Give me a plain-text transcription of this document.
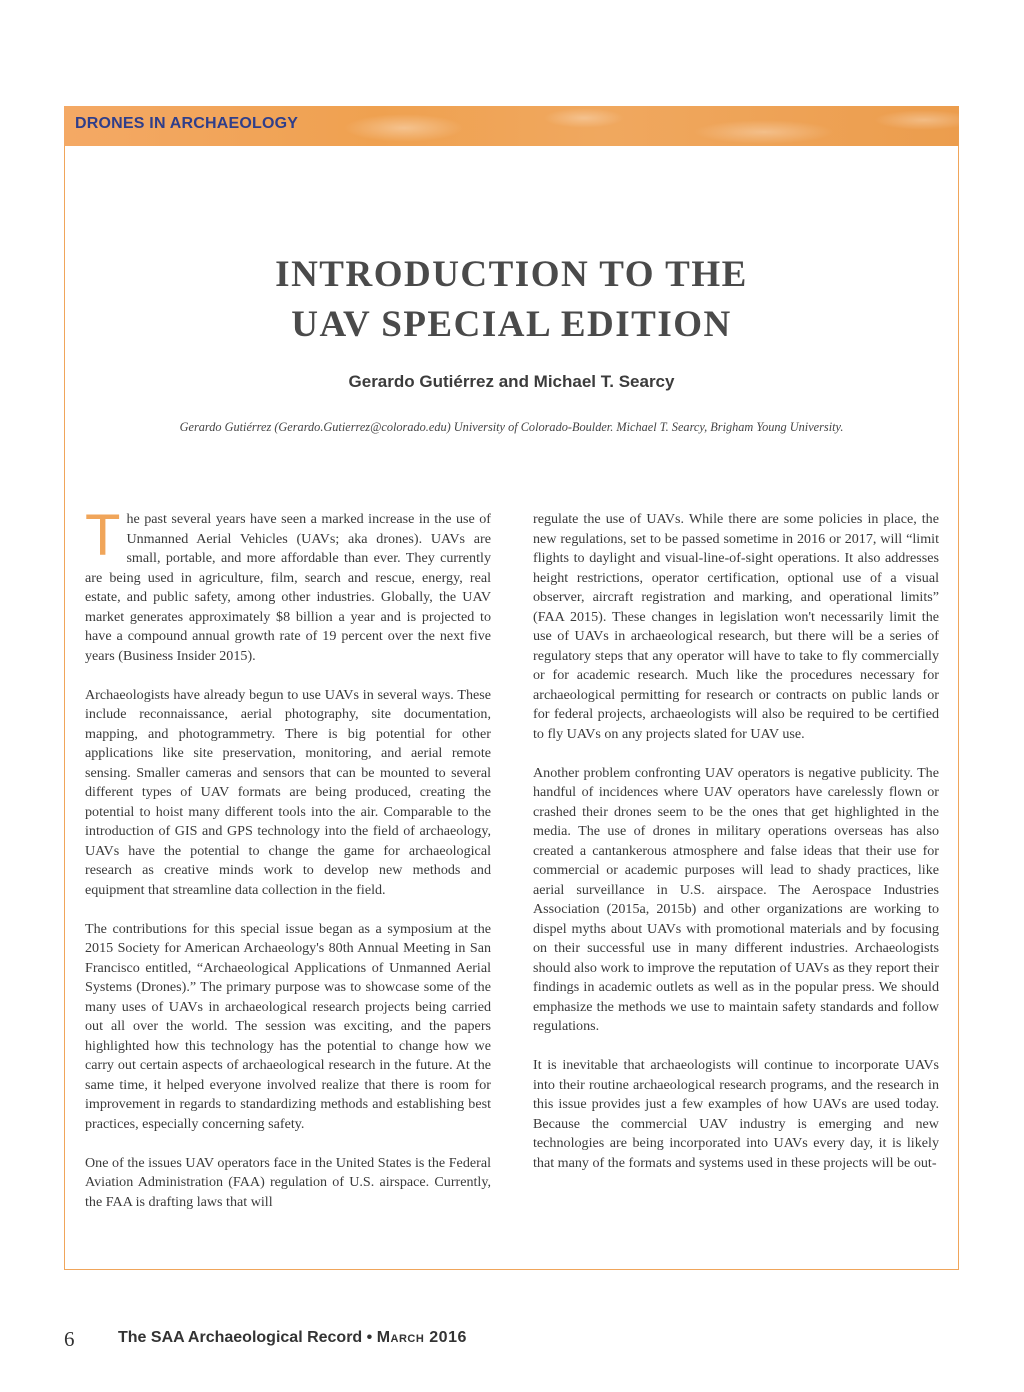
DRONES IN ARCHAEOLOGY
INTRODUCTION TO THE
UAV SPECIAL EDITION
Gerardo Gutiérrez and Michael T. Searcy
Gerardo Gutiérrez (Gerardo.Gutierrez@colorado.edu) University of Colorado-Boulder. Michael T. Searcy, Brigham Young University.

The past several years have seen a marked increase in the use of Unmanned Aerial Vehicles (UAVs; aka drones). UAVs are small, portable, and more affordable than ever. They currently are being used in agriculture, film, search and rescue, energy, real estate, and public safety, among other industries. Globally, the UAV market generates approximately $8 billion a year and is projected to have a compound annual growth rate of 19 percent over the next five years (Business Insider 2015).

Archaeologists have already begun to use UAVs in several ways. These include reconnaissance, aerial photography, site documentation, mapping, and photogrammetry. There is big potential for other applications like site preservation, monitoring, and aerial remote sensing. Smaller cameras and sensors that can be mounted to several different types of UAV formats are being produced, creating the potential to hoist many different tools into the air. Comparable to the introduction of GIS and GPS technology into the field of archaeology, UAVs have the potential to change the game for archaeological research as creative minds work to develop new methods and equipment that streamline data collection in the field.

The contributions for this special issue began as a symposium at the 2015 Society for American Archaeology's 80th Annual Meeting in San Francisco entitled, “Archaeological Applications of Unmanned Aerial Systems (Drones).” The primary purpose was to showcase some of the many uses of UAVs in archaeological research projects being carried out all over the world. The session was exciting, and the papers highlighted how this technology has the potential to change how we carry out certain aspects of archaeological research in the future. At the same time, it helped everyone involved realize that there is room for improvement in regards to standardizing methods and establishing best practices, especially concerning safety.

One of the issues UAV operators face in the United States is the Federal Aviation Administration (FAA) regulation of U.S. airspace. Currently, the FAA is drafting laws that will

regulate the use of UAVs. While there are some policies in place, the new regulations, set to be passed sometime in 2016 or 2017, will “limit flights to daylight and visual-line-of-sight operations. It also addresses height restrictions, operator certification, optional use of a visual observer, aircraft registration and marking, and operational limits” (FAA 2015). These changes in legislation won't necessarily limit the use of UAVs in archaeological research, but there will be a series of regulatory steps that any operator will have to take to fly commercially or for academic research. Much like the procedures necessary for archaeological permitting for research or contracts on public lands or for federal projects, archaeologists will also be required to be certified to fly UAVs on any projects slated for UAV use.

Another problem confronting UAV operators is negative publicity. The handful of incidences where UAV operators have carelessly flown or crashed their drones seem to be the ones that get highlighted in the media. The use of drones in military operations overseas has also created a cantankerous atmosphere and false ideas that their use for commercial or academic purposes will lead to shady practices, like aerial surveillance in U.S. airspace. The Aerospace Industries Association (2015a, 2015b) and other organizations are working to dispel myths about UAVs with promotional materials and by focusing on their successful use in many different industries. Archaeologists should also work to improve the reputation of UAVs as they report their findings in academic outlets as well as in the popular press. We should emphasize the methods we use to maintain safety standards and follow regulations.

It is inevitable that archaeologists will continue to incorporate UAVs into their routine archaeological research programs, and the research in this issue provides just a few examples of how UAVs are used today. Because the commercial UAV industry is emerging and new technologies are being incorporated into UAVs every day, it is likely that many of the formats and systems used in these projects will be out-

6	The SAA Archaeological Record • March 2016
